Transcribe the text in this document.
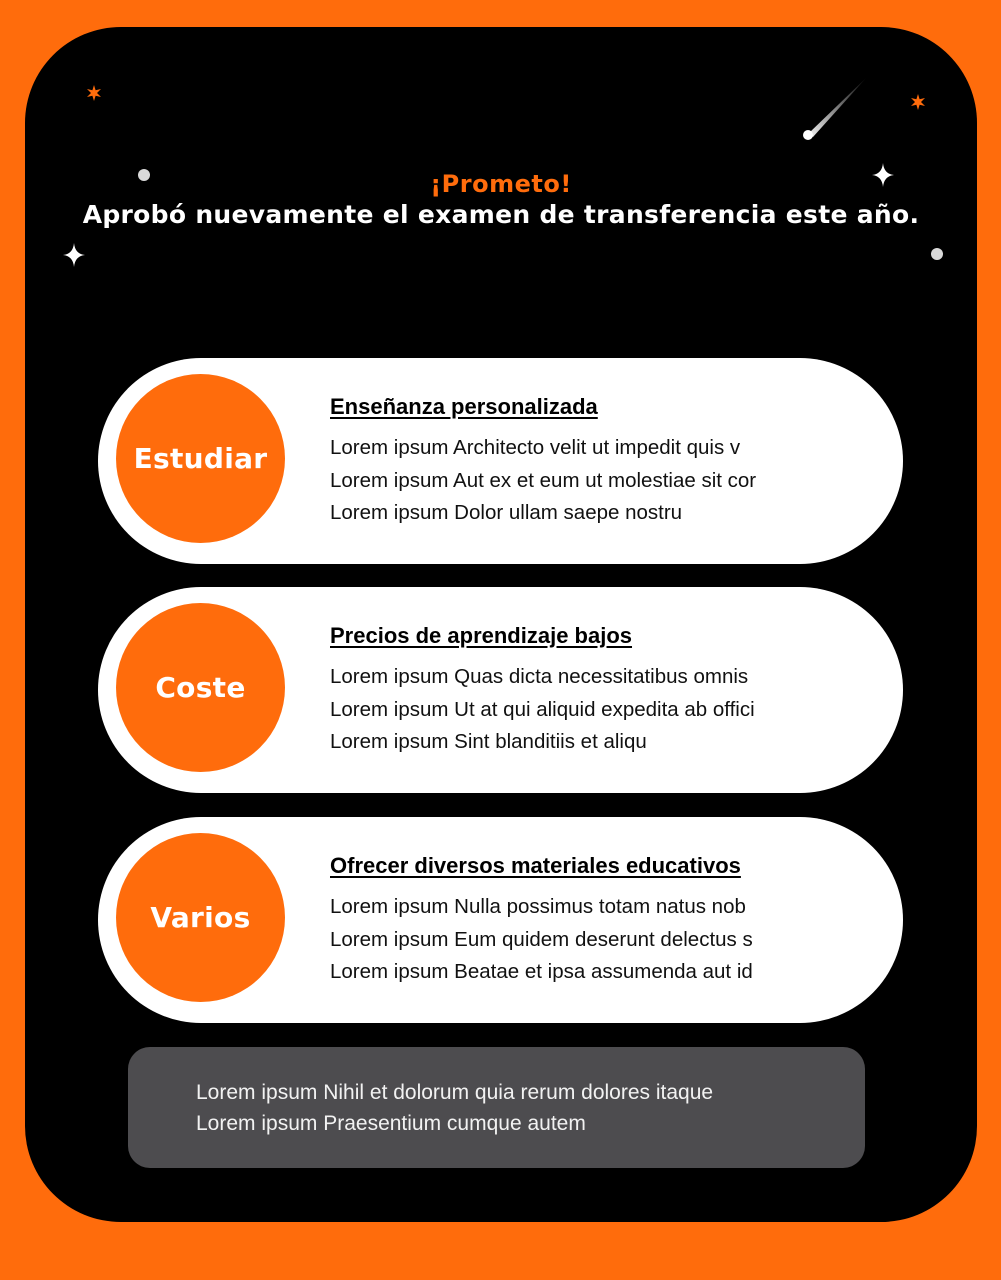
¡Prometo!
Aprobó nuevamente el examen de transferencia este año.
Estudiar
Enseñanza personalizada
Lorem ipsum Architecto velit ut impedit quis v
Lorem ipsum Aut ex et eum ut molestiae sit cor
Lorem ipsum Dolor ullam saepe nostru
Coste
Precios de aprendizaje bajos
Lorem ipsum Quas dicta necessitatibus omnis
Lorem ipsum Ut at qui aliquid expedita ab offici
Lorem ipsum Sint blanditiis et aliqu
Varios
Ofrecer diversos materiales educativos
Lorem ipsum Nulla possimus totam natus nob
Lorem ipsum Eum quidem deserunt delectus s
Lorem ipsum Beatae et ipsa assumenda aut id
Lorem ipsum Nihil et dolorum quia rerum dolores itaque
Lorem ipsum Praesentium cumque autem
